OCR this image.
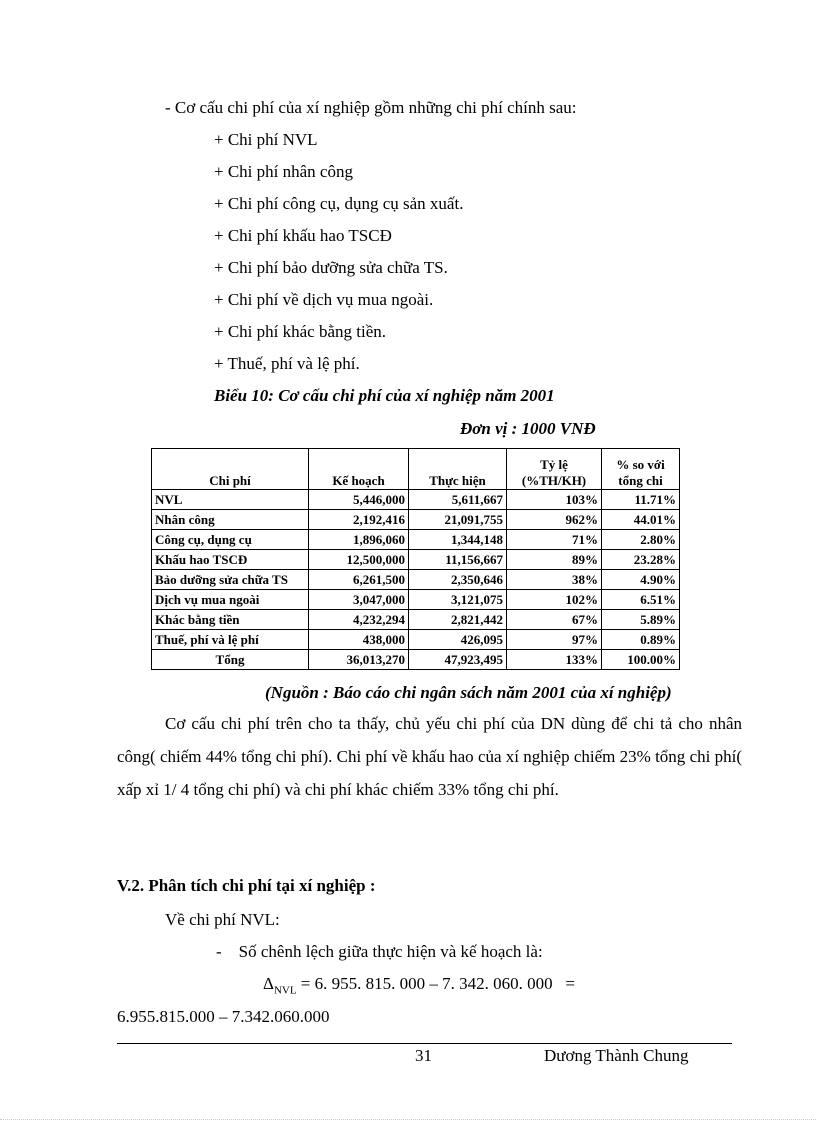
- Cơ cấu chi phí của xí nghiệp gồm những chi phí chính sau:
+ Chi phí NVL
+ Chi phí nhân công
+ Chi phí công cụ, dụng cụ sản xuất.
+ Chi phí khấu hao TSCĐ
+ Chi phí bảo dưỡng sửa chữa TS.
+ Chi phí về dịch vụ mua ngoài.
+ Chi phí khác bằng tiền.
+ Thuế, phí và lệ phí.
Biểu 10: Cơ cấu chi phí của xí nghiệp năm 2001
Đơn vị : 1000 VNĐ
Chi phí	Kế hoạch	Thực hiện	Tỷ lệ (%TH/KH)	% so với tổng chi
NVL	5,446,000	5,611,667	103%	11.71%
Nhân công	2,192,416	21,091,755	962%	44.01%
Công cụ, dụng cụ	1,896,060	1,344,148	71%	2.80%
Khấu hao TSCĐ	12,500,000	11,156,667	89%	23.28%
Bảo dưỡng sửa chữa TS	6,261,500	2,350,646	38%	4.90%
Dịch vụ mua ngoài	3,047,000	3,121,075	102%	6.51%
Khác bằng tiền	4,232,294	2,821,442	67%	5.89%
Thuế, phí và lệ phí	438,000	426,095	97%	0.89%
Tổng	36,013,270	47,923,495	133%	100.00%
(Nguồn : Báo cáo chi ngân sách năm 2001 của xí nghiệp)
Cơ cấu chi phí trên cho ta thấy, chủ yếu chi phí của DN dùng để chi tả cho nhân công( chiếm 44% tổng chi phí). Chi phí về khấu hao của xí nghiệp chiếm 23% tổng chi phí( xấp xỉ 1/ 4 tổng chi phí) và chi phí khác chiếm 33% tổng chi phí.
V.2. Phân tích chi phí tại xí nghiệp :
Về chi phí NVL:
-    Số chênh lệch giữa thực hiện và kế hoạch là:
$\Delta_{NVL} = 6$. 955. 815. 000 – 7. 342. 060. 000   =
6.955.815.000 – 7.342.060.000
31	Dương Thành Chung
